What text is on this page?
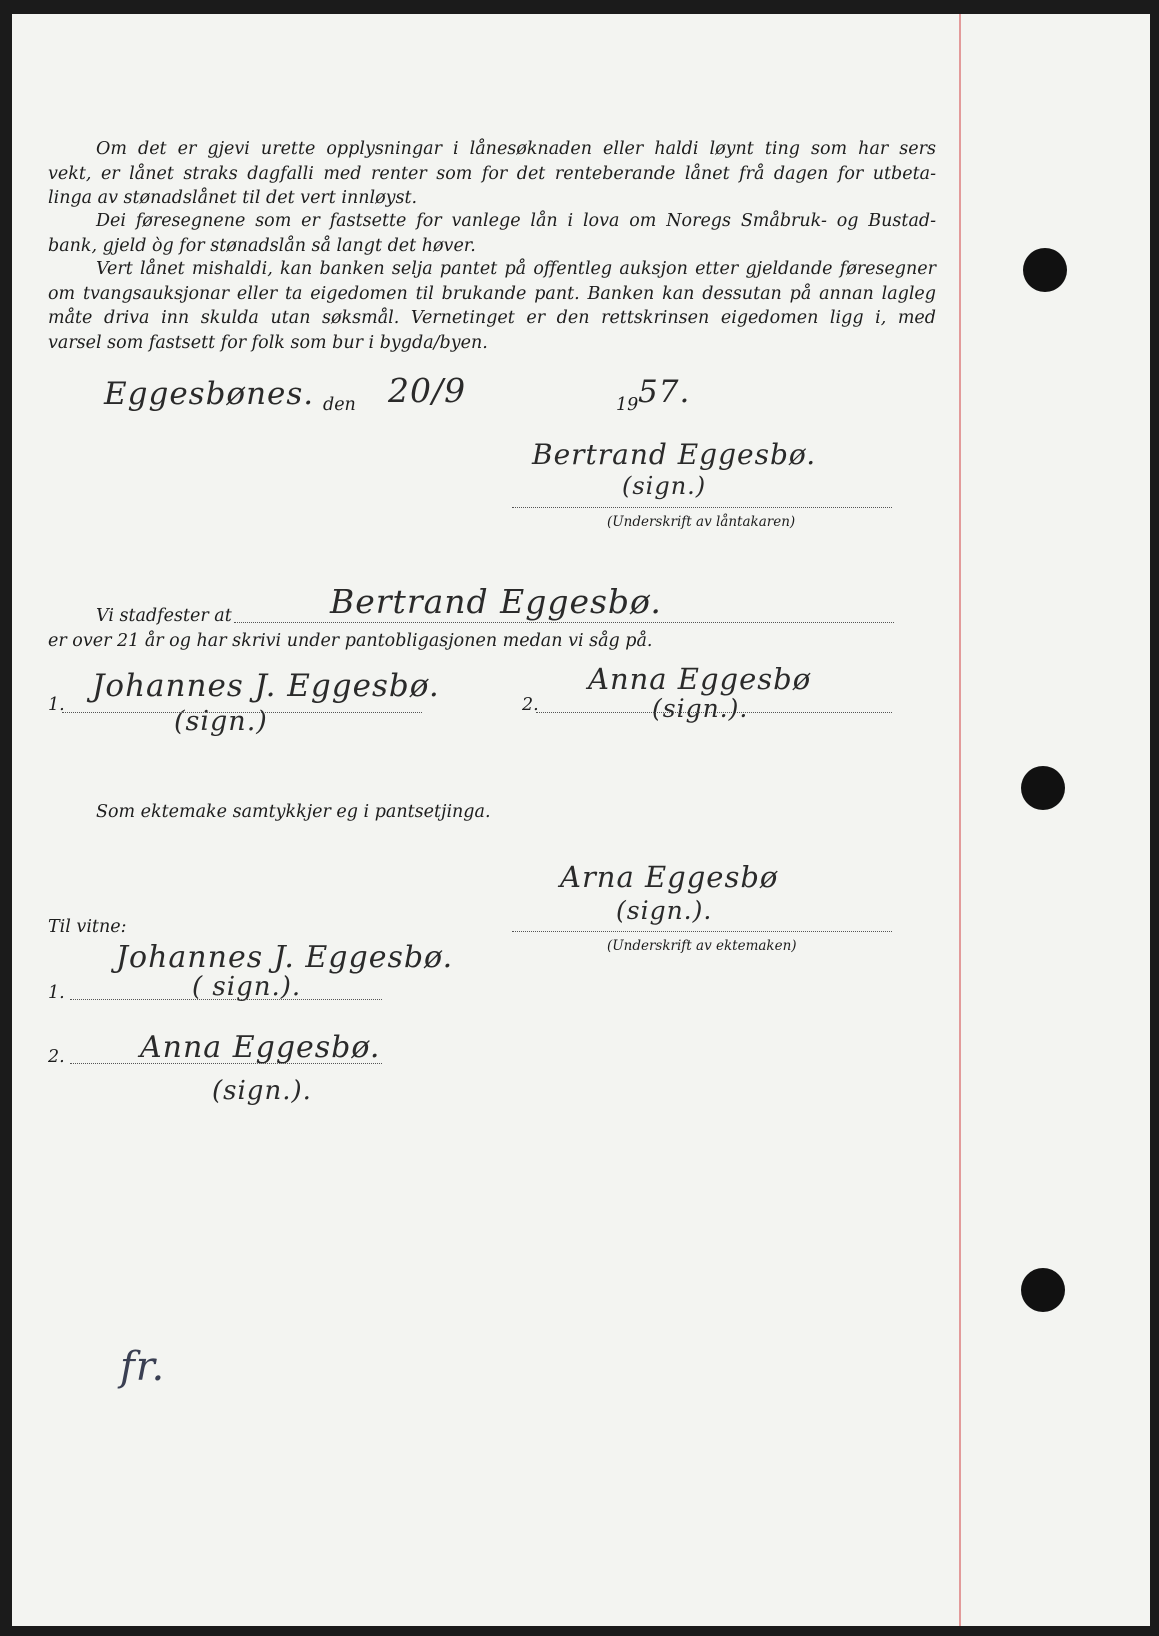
Om det er gjevi urette opplysningar i lånesøknaden eller haldi løynt ting som har sers
vekt, er lånet straks dagfalli med renter som for det renteberande lånet frå dagen for utbeta-
linga av stønadslånet til det vert innløyst.
Dei føresegnene som er fastsette for vanlege lån i lova om Noregs Småbruk- og Bustad-
bank, gjeld òg for stønadslån så langt det høver.
Vert lånet mishaldi, kan banken selja pantet på offentleg auksjon etter gjeldande føresegner
om tvangsauksjonar eller ta eigedomen til brukande pant. Banken kan dessutan på annan lagleg
måte driva inn skulda utan søksmål. Vernetinget er den rettskrinsen eigedomen ligg i, med
varsel som fastsett for folk som bur i bygda/byen.
Eggesbønes. den 20/9	19 57.
Bertrand Eggesbø.
(sign.)
(Underskrift av låntakaren)
Bertrand Eggesbø.
Vi stadfester at
er over 21 år og har skrivi under pantobligasjonen medan vi såg på.
1.
Johannes J. Eggesbø.
(sign.)
2.
Anna Eggesbø
(sign.).
Som ektemake samtykkjer eg i pantsetjinga.
Arna Eggesbø
(sign.).
(Underskrift av ektemaken)
Til vitne:
1.
Johannes J. Eggesbø.
( sign.).
2.	Anna Eggesbø.
(sign.).
fr.
